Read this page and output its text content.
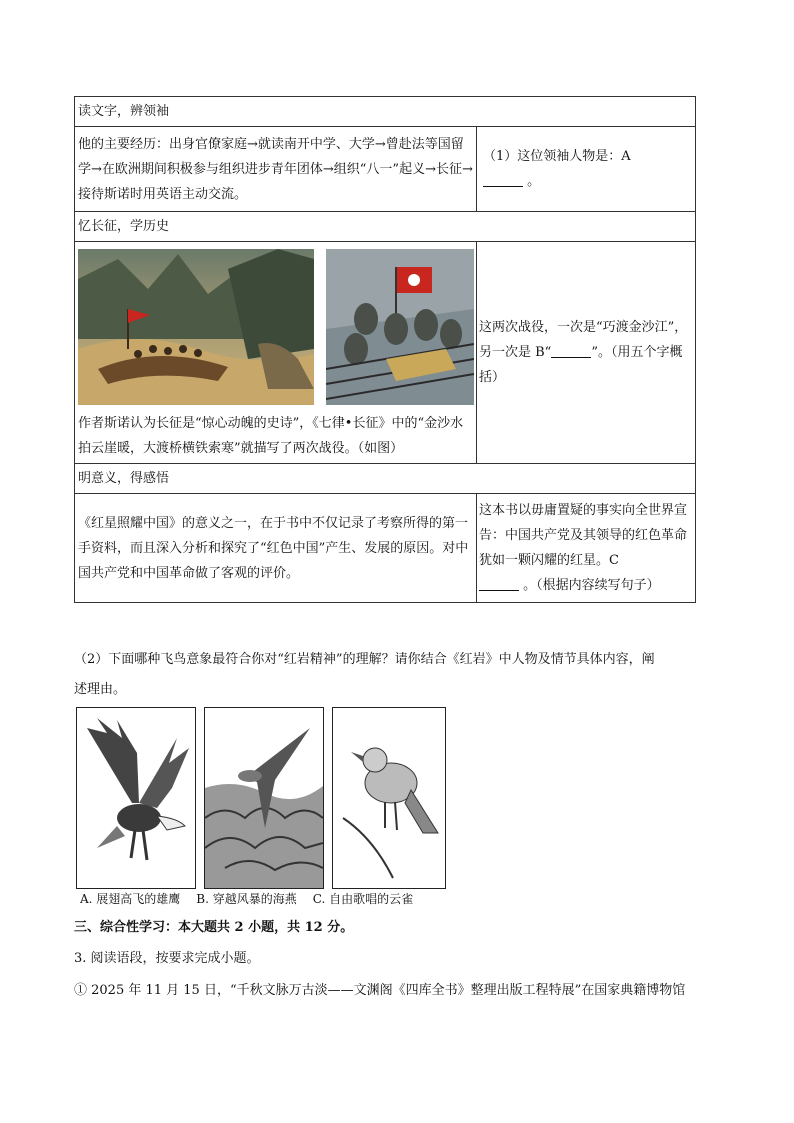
读文字，辨领袖	
他的主要经历：出身官僚家庭→就读南开中学、大学→曾赴法等国留学→在欧洲期间积极参与组织进步青年团体→组织“八一”起义→长征→接待斯诺时用英语主动交流。	（1）这位领袖人物是：A
。
忆长征，学历史	

作者斯诺认为长征是“惊心动魄的史诗”，《七律•长征》中的“金沙水拍云崖暖，大渡桥横铁索寒”就描写了两次战役。（如图）	这两次战役，一次是“巧渡金沙江”，另一次是 B“ ”。（用五个字概括）
明意义，得感悟	
《红星照耀中国》的意义之一，在于书中不仅记录了考察所得的第一手资料，而且深入分析和探究了“红色中国”产生、发展的原因。对中国共产党和中国革命做了客观的评价。	这本书以毋庸置疑的事实向全世界宣告：中国共产党及其领导的红色革命犹如一颗闪耀的红星。C
。（根据内容续写句子）
（2）下面哪种飞鸟意象最符合你对“红岩精神”的理解？请你结合《红岩》中人物及情节具体内容，阐
述理由。
A. 展翅高飞的雄鹰 B. 穿越风暴的海燕 C. 自由歌唱的云雀
三、综合性学习：本大题共 2 小题，共 12 分。
3. 阅读语段，按要求完成小题。
① 2025 年 11 月 15 日，“千秋文脉万古淡——文渊阁《四库全书》整理出版工程特展”在国家典籍博物馆
